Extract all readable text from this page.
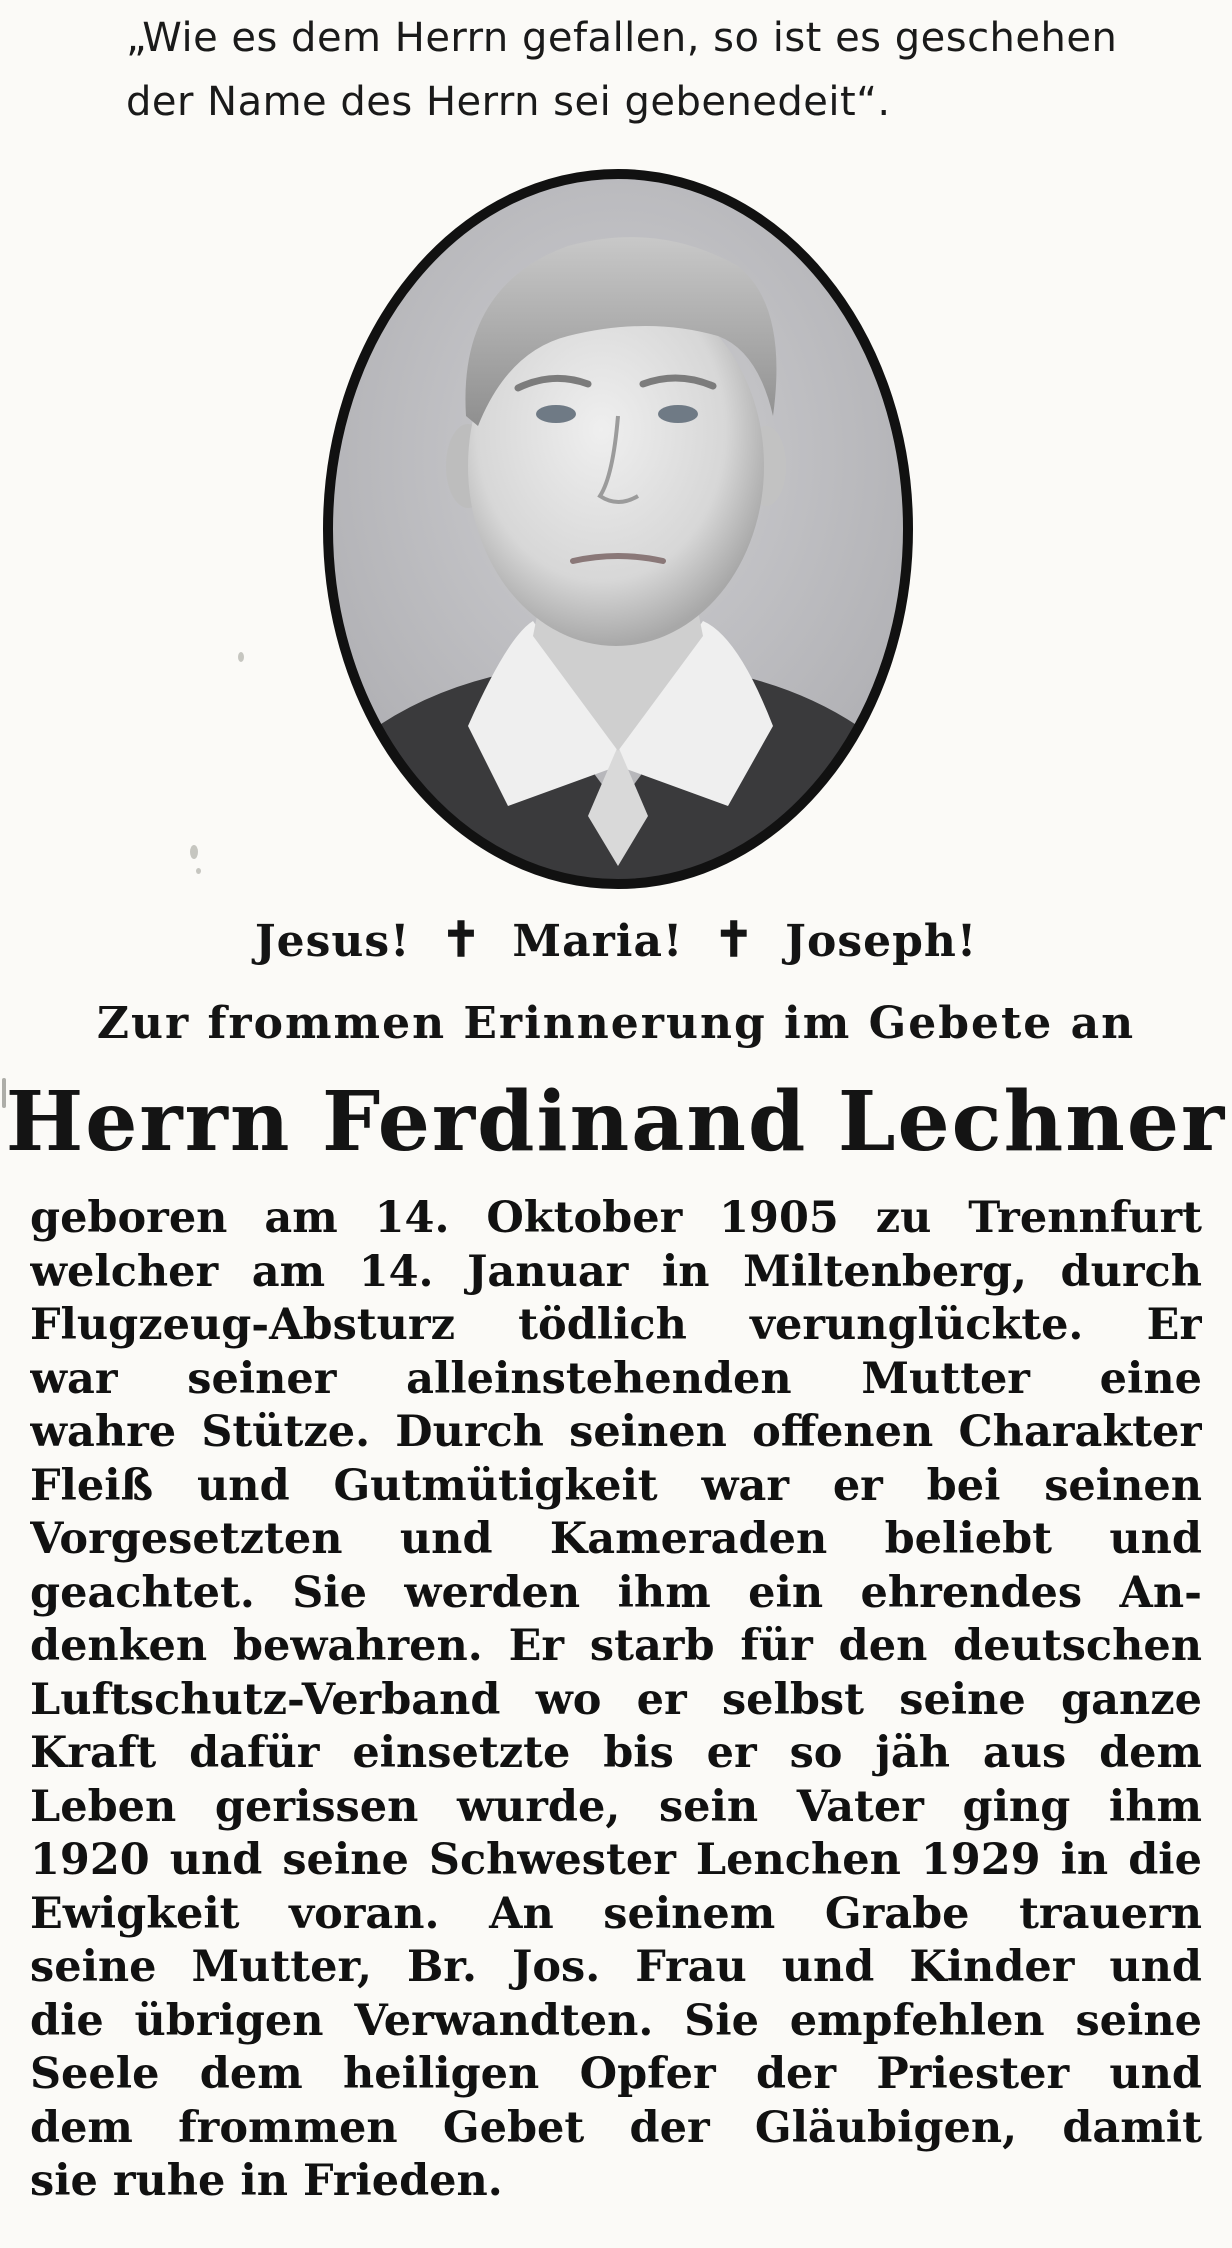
„Wie es dem Herrn gefallen, so ist es geschehen
der Name des Herrn sei gebenedeit“.
Jesus! ✝ Maria! ✝ Joseph!
Zur frommen Erinnerung im Gebete an
Herrn Ferdinand Lechner
geboren am 14. Oktober 1905 zu Trennfurt
welcher am 14. Januar in Miltenberg, durch
Flugzeug-Absturz tödlich verunglückte. Er
war seiner alleinstehenden Mutter eine
wahre Stütze. Durch seinen offenen Charakter
Fleiß und Gutmütigkeit war er bei seinen
Vorgesetzten und Kameraden beliebt und
geachtet. Sie werden ihm ein ehrendes An-
denken bewahren. Er starb für den deutschen
Luftschutz-Verband wo er selbst seine ganze
Kraft dafür einsetzte bis er so jäh aus dem
Leben gerissen wurde, sein Vater ging ihm
1920 und seine Schwester Lenchen 1929 in die
Ewigkeit voran. An seinem Grabe trauern
seine Mutter, Br. Jos. Frau und Kinder und
die übrigen Verwandten. Sie empfehlen seine
Seele dem heiligen Opfer der Priester und
dem frommen Gebet der Gläubigen, damit
sie ruhe in Frieden.
